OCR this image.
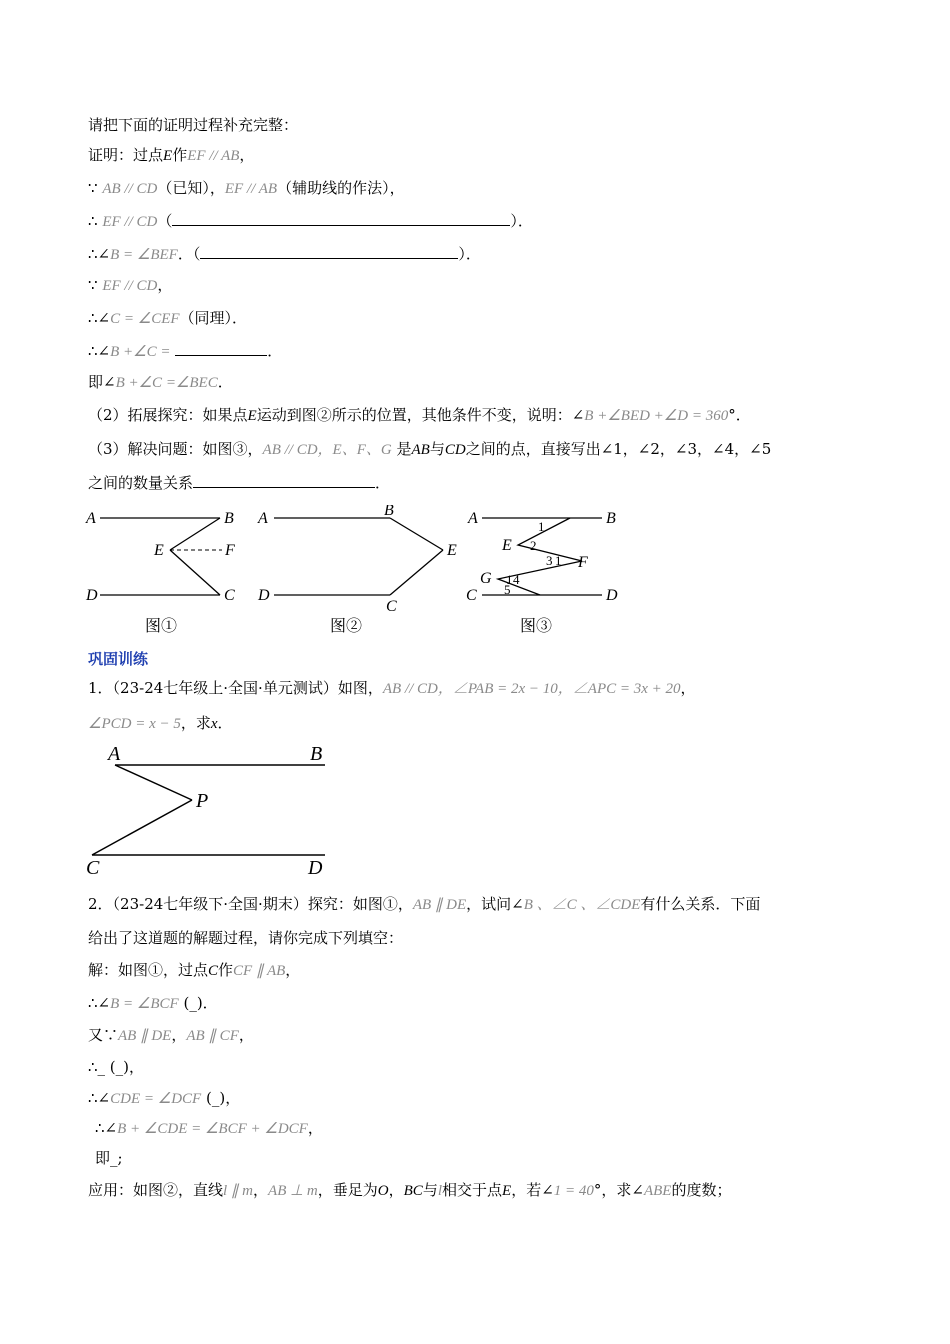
请把下面的证明过程补充完整：
证明：过点E作EF // AB，
∵ AB // CD（已知），EF // AB（辅助线的作法），
∴ EF // CD（	）．
∴∠B = ∠BEF．（	）．
∵ EF // CD，
∴∠C = ∠CEF（同理）．
∴∠B +∠C =	．
即∠B +∠C =∠BEC．
（2）拓展探究：如果点E运动到图②所示的位置，其他条件不变，说明：∠B +∠BED +∠D = 360°．
（3）解决问题：如图③，AB // CD，E、F、G 是AB与CD之间的点，直接写出∠1，∠2，∠3，∠4，∠5
之间的数量关系	．
A	B
E	F
D	C
A	B
E
D
C
A	B
E
F
G
C	D
1
2
3 1
1 4
5
图①	图②	图③
巩固训练
1．（23-24七年级上·全国·单元测试）如图，AB // CD，∠PAB = 2x − 10，∠APC = 3x + 20，
∠PCD = x − 5，求x．
A	B
P
C	D
2．（23-24七年级下·全国·期末）探究：如图①，AB ∥ DE，试问∠B 、∠C 、∠CDE有什么关系．下面
给出了这道题的解题过程，请你完成下列填空：
解：如图①，过点C作CF ∥ AB，
∴∠B = ∠BCF (_)．
又∵AB ∥ DE，AB ∥ CF，
∴_ (_)，
∴∠CDE = ∠DCF (_)，
∴∠B + ∠CDE = ∠BCF + ∠DCF，
即_;
应用：如图②，直线l ∥ m，AB ⊥ m，垂足为O，BC与l相交于点E，若∠1 = 40°，求∠ABE的度数；
